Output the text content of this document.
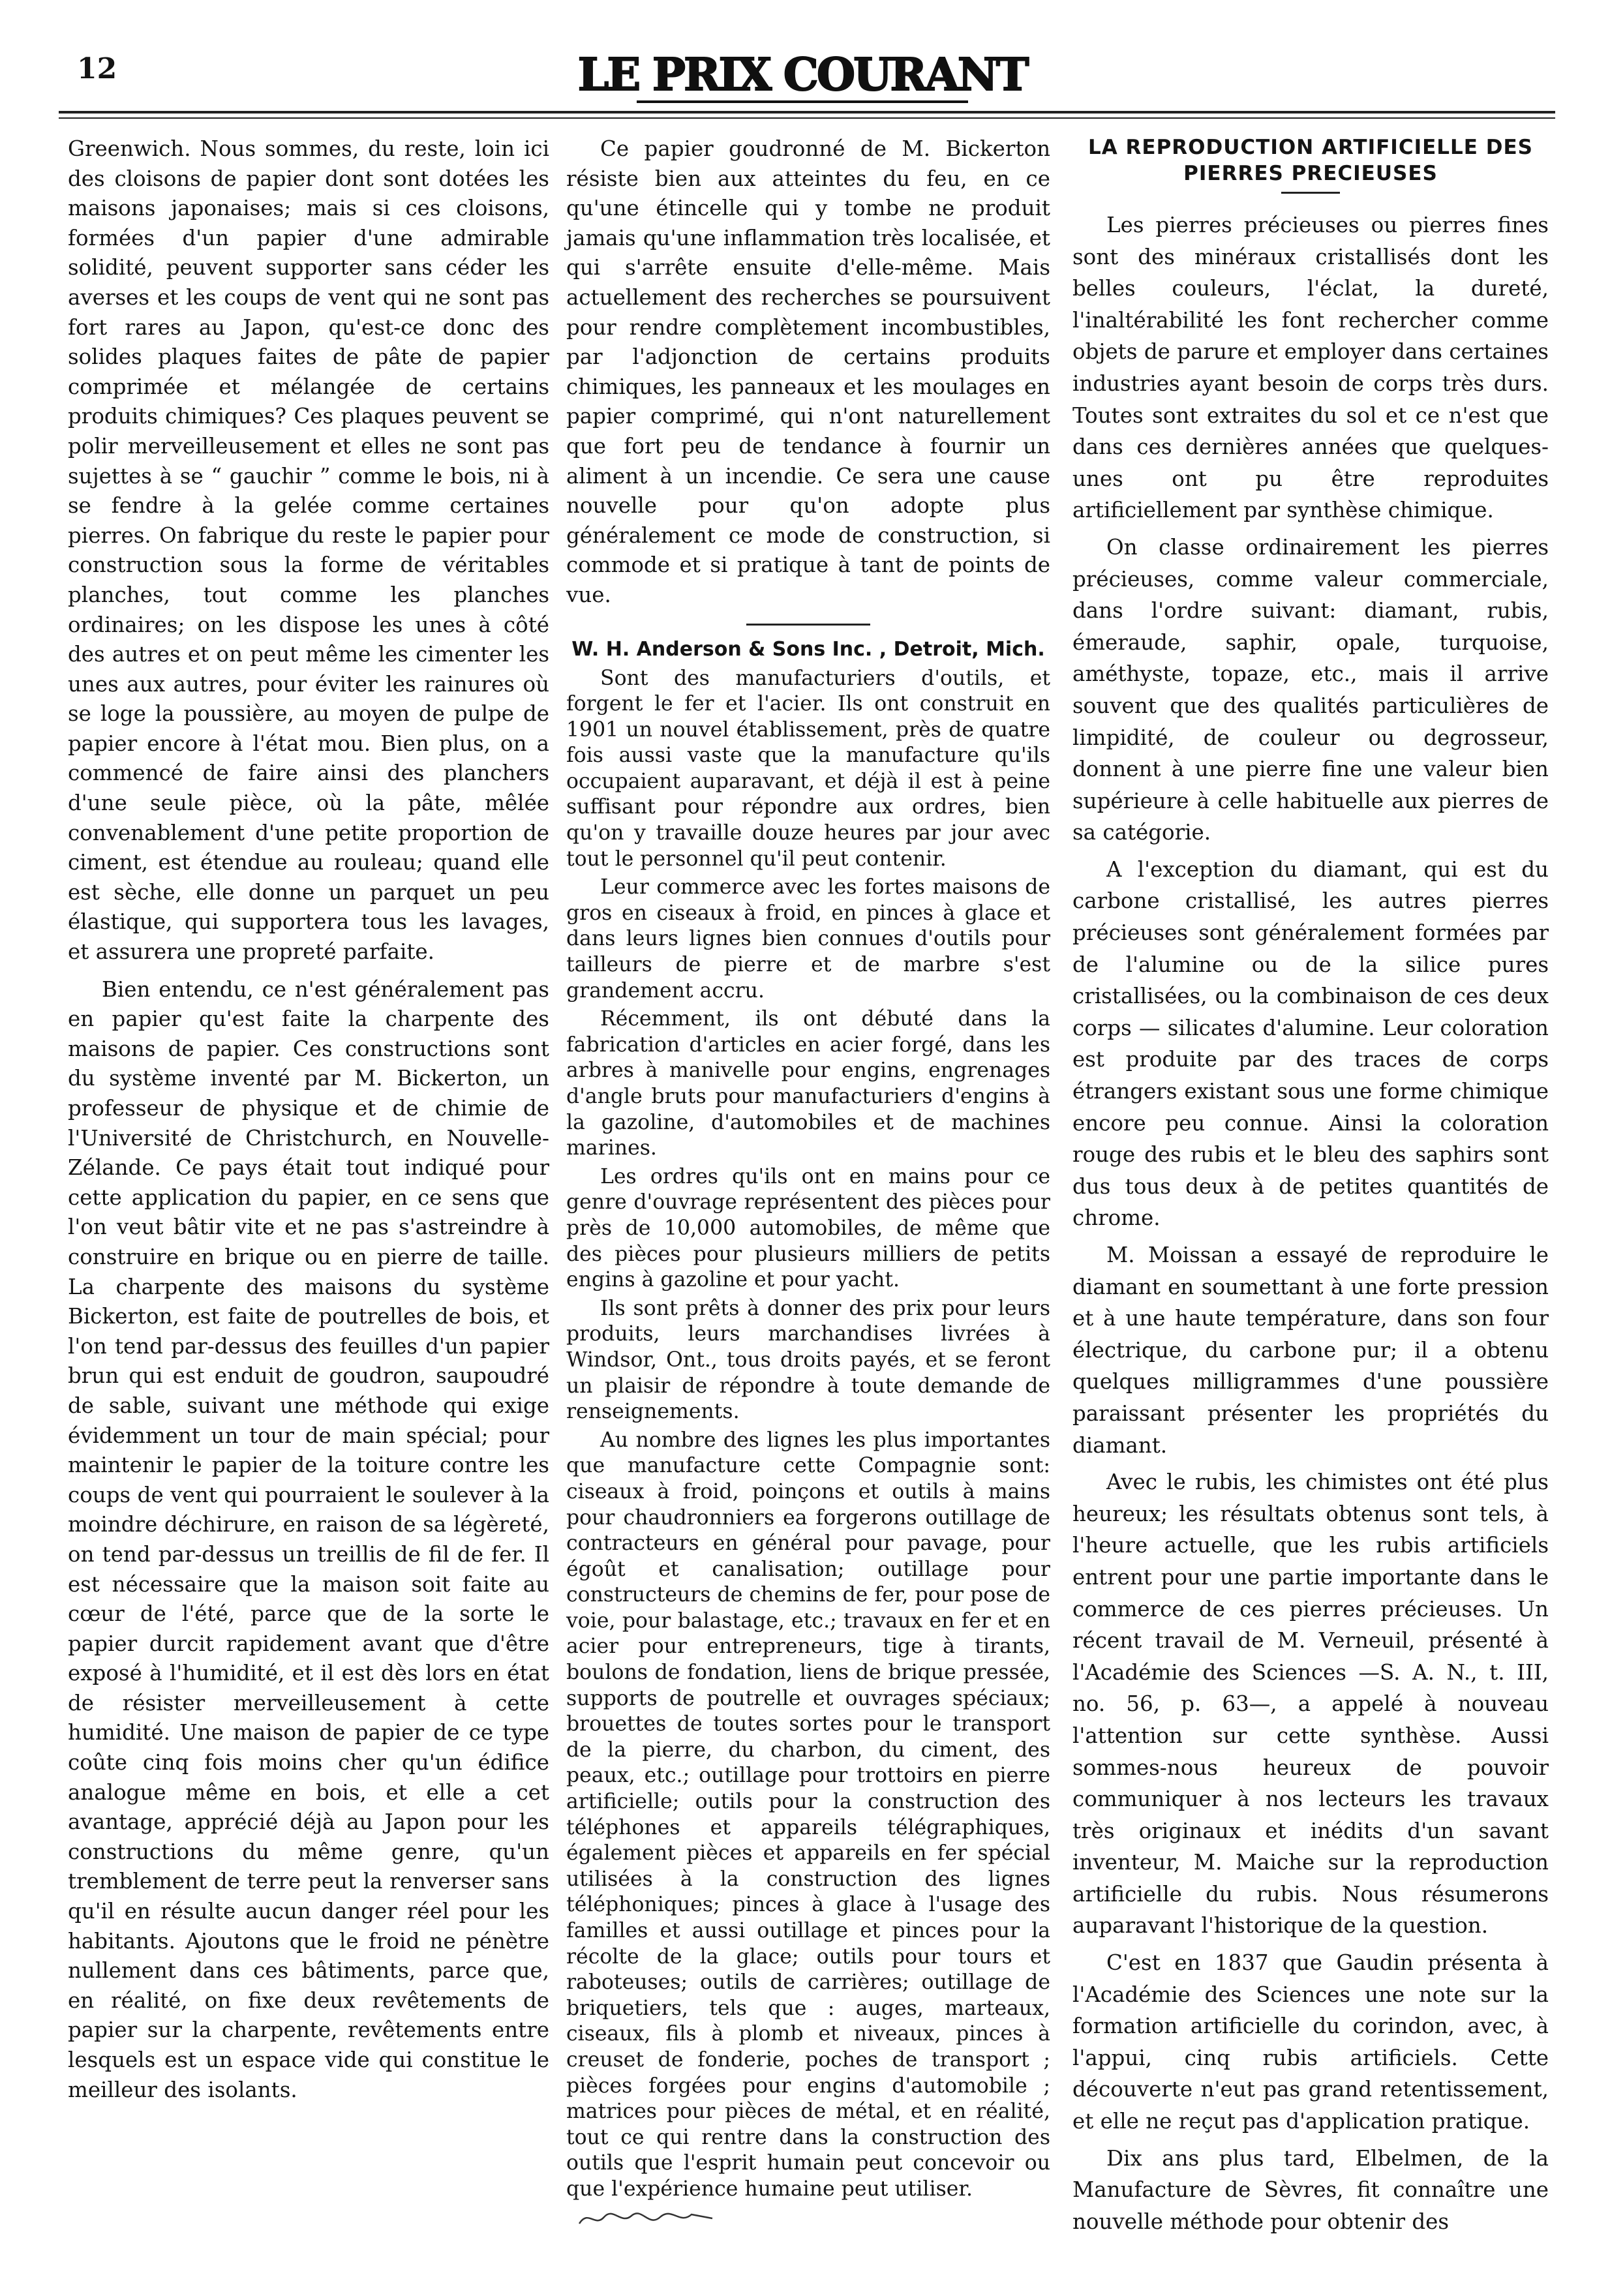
12	LE PRIX COURANT

Greenwich. Nous sommes, du reste, loin ici des cloisons de papier dont sont dotées les maisons japonaises; mais si ces cloisons, formées d'un papier d'une admirable solidité, peuvent supporter sans céder les averses et les coups de vent qui ne sont pas fort rares au Japon, qu'est-ce donc des solides plaques faites de pâte de papier comprimée et mélangée de certains produits chimiques? Ces plaques peuvent se polir merveilleusement et elles ne sont pas sujettes à se “ gauchir ” comme le bois, ni à se fendre à la gelée comme certaines pierres. On fabrique du reste le papier pour construction sous la forme de véritables planches, tout comme les planches ordinaires; on les dispose les unes à côté des autres et on peut même les cimenter les unes aux autres, pour éviter les rainures où se loge la poussière, au moyen de pulpe de papier encore à l'état mou. Bien plus, on a commencé de faire ainsi des planchers d'une seule pièce, où la pâte, mêlée convenablement d'une petite proportion de ciment, est étendue au rouleau; quand elle est sèche, elle donne un parquet un peu élastique, qui supportera tous les lavages, et assurera une propreté parfaite.

Bien entendu, ce n'est généralement pas en papier qu'est faite la charpente des maisons de papier. Ces constructions sont du système inventé par M. Bickerton, un professeur de physique et de chimie de l'Université de Christchurch, en Nouvelle-Zélande. Ce pays était tout indiqué pour cette application du papier, en ce sens que l'on veut bâtir vite et ne pas s'astreindre à construire en brique ou en pierre de taille. La charpente des maisons du système Bickerton, est faite de poutrelles de bois, et l'on tend par-dessus des feuilles d'un papier brun qui est enduit de goudron, saupoudré de sable, suivant une méthode qui exige évidemment un tour de main spécial; pour maintenir le papier de la toiture contre les coups de vent qui pourraient le soulever à la moindre déchirure, en raison de sa légèreté, on tend par-dessus un treillis de fil de fer. Il est nécessaire que la maison soit faite au cœur de l'été, parce que de la sorte le papier durcit rapidement avant que d'être exposé à l'humidité, et il est dès lors en état de résister merveilleusement à cette humidité. Une maison de papier de ce type coûte cinq fois moins cher qu'un édifice analogue même en bois, et elle a cet avantage, apprécié déjà au Japon pour les constructions du même genre, qu'un tremblement de terre peut la renverser sans qu'il en résulte aucun danger réel pour les habitants. Ajoutons que le froid ne pénètre nullement dans ces bâtiments, parce que, en réalité, on fixe deux revêtements de papier sur la charpente, revêtements entre lesquels est un espace vide qui constitue le meilleur des isolants.

Ce papier goudronné de M. Bickerton résiste bien aux atteintes du feu, en ce qu'une étincelle qui y tombe ne produit jamais qu'une inflammation très localisée, et qui s'arrête ensuite d'elle-même. Mais actuellement des recherches se poursuivent pour rendre complètement incombustibles, par l'adjonction de certains produits chimiques, les panneaux et les moulages en papier comprimé, qui n'ont naturellement que fort peu de tendance à fournir un aliment à un incendie. Ce sera une cause nouvelle pour qu'on adopte plus généralement ce mode de construction, si commode et si pratique à tant de points de vue.

W. H. Anderson & Sons Inc. , Detroit, Mich.

Sont des manufacturiers d'outils, et forgent le fer et l'acier. Ils ont construit en 1901 un nouvel établissement, près de quatre fois aussi vaste que la manufacture qu'ils occupaient auparavant, et déjà il est à peine suffisant pour répondre aux ordres, bien qu'on y travaille douze heures par jour avec tout le personnel qu'il peut contenir.

Leur commerce avec les fortes maisons de gros en ciseaux à froid, en pinces à glace et dans leurs lignes bien connues d'outils pour tailleurs de pierre et de marbre s'est grandement accru.

Récemment, ils ont débuté dans la fabrication d'articles en acier forgé, dans les arbres à manivelle pour engins, engrenages d'angle bruts pour manufacturiers d'engins à la gazoline, d'automobiles et de machines marines.

Les ordres qu'ils ont en mains pour ce genre d'ouvrage représentent des pièces pour près de 10,000 automobiles, de même que des pièces pour plusieurs milliers de petits engins à gazoline et pour yacht.

Ils sont prêts à donner des prix pour leurs produits, leurs marchandises livrées à Windsor, Ont., tous droits payés, et se feront un plaisir de répondre à toute demande de renseignements.

Au nombre des lignes les plus importantes que manufacture cette Compagnie sont: ciseaux à froid, poinçons et outils à mains pour chaudronniers ea forgerons outillage de contracteurs en général pour pavage, pour égoût et canalisation; outillage pour constructeurs de chemins de fer, pour pose de voie, pour balastage, etc.; travaux en fer et en acier pour entrepreneurs, tige à tirants, boulons de fondation, liens de brique pressée, supports de poutrelle et ouvrages spéciaux; brouettes de toutes sortes pour le transport de la pierre, du charbon, du ciment, des peaux, etc.; outillage pour trottoirs en pierre artificielle; outils pour la construction des téléphones et appareils télégraphiques, également pièces et appareils en fer spécial utilisées à la construction des lignes téléphoniques; pinces à glace à l'usage des familles et aussi outillage et pinces pour la récolte de la glace; outils pour tours et raboteuses; outils de carrières; outillage de briquetiers, tels que : auges, marteaux, ciseaux, fils à plomb et niveaux, pinces à creuset de fonderie, poches de transport ; pièces forgées pour engins d'automobile ; matrices pour pièces de métal, et en réalité, tout ce qui rentre dans la construction des outils que l'esprit humain peut concevoir ou que l'expérience humaine peut utiliser.

LA REPRODUCTION ARTIFICIELLE DES PIERRES PRECIEUSES

Les pierres précieuses ou pierres fines sont des minéraux cristallisés dont les belles couleurs, l'éclat, la dureté, l'inaltérabilité les font rechercher comme objets de parure et employer dans certaines industries ayant besoin de corps très durs. Toutes sont extraites du sol et ce n'est que dans ces dernières années que quelques-unes ont pu être reproduites artificiellement par synthèse chimique.

On classe ordinairement les pierres précieuses, comme valeur commerciale, dans l'ordre suivant: diamant, rubis, émeraude, saphir, opale, turquoise, améthyste, topaze, etc., mais il arrive souvent que des qualités particulières de limpidité, de couleur ou degrosseur, donnent à une pierre fine une valeur bien supérieure à celle habituelle aux pierres de sa catégorie.

A l'exception du diamant, qui est du carbone cristallisé, les autres pierres précieuses sont généralement formées par de l'alumine ou de la silice pures cristallisées, ou la combinaison de ces deux corps — silicates d'alumine. Leur coloration est produite par des traces de corps étrangers existant sous une forme chimique encore peu connue. Ainsi la coloration rouge des rubis et le bleu des saphirs sont dus tous deux à de petites quantités de chrome.

M. Moissan a essayé de reproduire le diamant en soumettant à une forte pression et à une haute température, dans son four électrique, du carbone pur; il a obtenu quelques milligrammes d'une poussière paraissant présenter les propriétés du diamant.

Avec le rubis, les chimistes ont été plus heureux; les résultats obtenus sont tels, à l'heure actuelle, que les rubis artificiels entrent pour une partie importante dans le commerce de ces pierres précieuses. Un récent travail de M. Verneuil, présenté à l'Académie des Sciences —S. A. N., t. III, no. 56, p. 63—, a appelé à nouveau l'attention sur cette synthèse. Aussi sommes-nous heureux de pouvoir communiquer à nos lecteurs les travaux très originaux et inédits d'un savant inventeur, M. Maiche sur la reproduction artificielle du rubis. Nous résumerons auparavant l'historique de la question.

C'est en 1837 que Gaudin présenta à l'Académie des Sciences une note sur la formation artificielle du corindon, avec, à l'appui, cinq rubis artificiels. Cette découverte n'eut pas grand retentissement, et elle ne reçut pas d'application pratique.

Dix ans plus tard, Elbelmen, de la Manufacture de Sèvres, fit connaître une nouvelle méthode pour obtenir des
